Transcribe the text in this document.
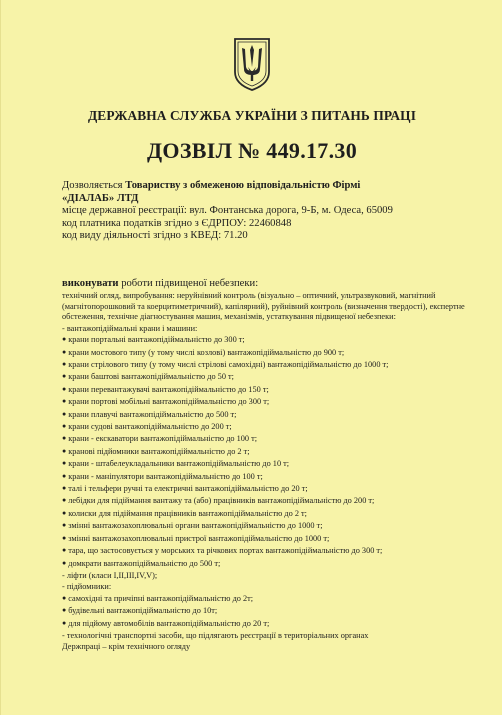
ДЕРЖАВНА СЛУЖБА УКРАЇНИ З ПИТАНЬ ПРАЦІ
ДОЗВІЛ № 449.17.30
Дозволяється Товариству з обмеженою відповідальністю Фірмі
«ДІАЛАБ» ЛТД
місце державної реєстрації: вул. Фонтанська дорога, 9-Б, м. Одеса, 65009
код платника податків згідно з ЄДРПОУ: 22460848
код виду діяльності згідно з КВЕД: 71.20
виконувати роботи підвищеної небезпеки:
технічний огляд, випробування: неруйнівний контроль (візуально – оптичний, ультразвуковий, магнітний (магнітопорошковий та коерцитиметричний), капілярний), руйнівний контроль (визначення твердості), експертне обстеження, технічне діагностування машин, механізмів, устаткування підвищеної небезпеки:
- вантажопідіймальні крани і машини:
● крани портальні вантажопідіймальністю до 300 т;
● крани мостового типу (у тому числі козлові) вантажопідіймальністю до 900 т;
● крани стрілового типу (у тому числі стрілові самохідні) вантажопідіймальністю до 1000 т;
● крани баштові вантажопідіймальністю до 50 т;
● крани перевантажувачі вантажопідіймальністю до 150 т;
● крани портові мобільні вантажопідіймальністю до 300 т;
● крани плавучі вантажопідіймальністю до 500 т;
● крани судові вантажопідіймальністю до 200 т;
● крани - екскаватори вантажопідіймальністю до 100 т;
● кранові підйомники вантажопідіймальністю до 2 т;
● крани - штабелеукладальники вантажопідіймальністю до 10 т;
● крани - маніпулятори вантажопідіймальністю до 100 т;
● талі і тельфери ручні та електричні вантажопідіймальністю до 20 т;
● лебідки для підіймання вантажу та (або) працівників вантажопідіймальністю до 200 т;
● колиски для підіймання працівників вантажопідіймальністю до 2 т;
● змінні вантажозахоплювальні органи вантажопідіймальністю до 1000 т;
● змінні вантажозахоплювальні пристрої вантажопідіймальністю до 1000 т;
● тара, що застосовується у морських та річкових портах вантажопідіймальністю до 300 т;
● домкрати вантажопідіймальністю до 500 т;
- ліфти (класи І,ІІ,ІІІ,IV,V);
- підйомники:
● самохідні та причіпні вантажопідіймальністю до 2т;
● будівельні вантажопідіймальністю до 10т;
● для підйому автомобілів вантажопідіймальністю до 20 т;
- технологічні транспортні засоби, що підлягають реєстрації в територіальних органах
Держпраці – крім технічного огляду
